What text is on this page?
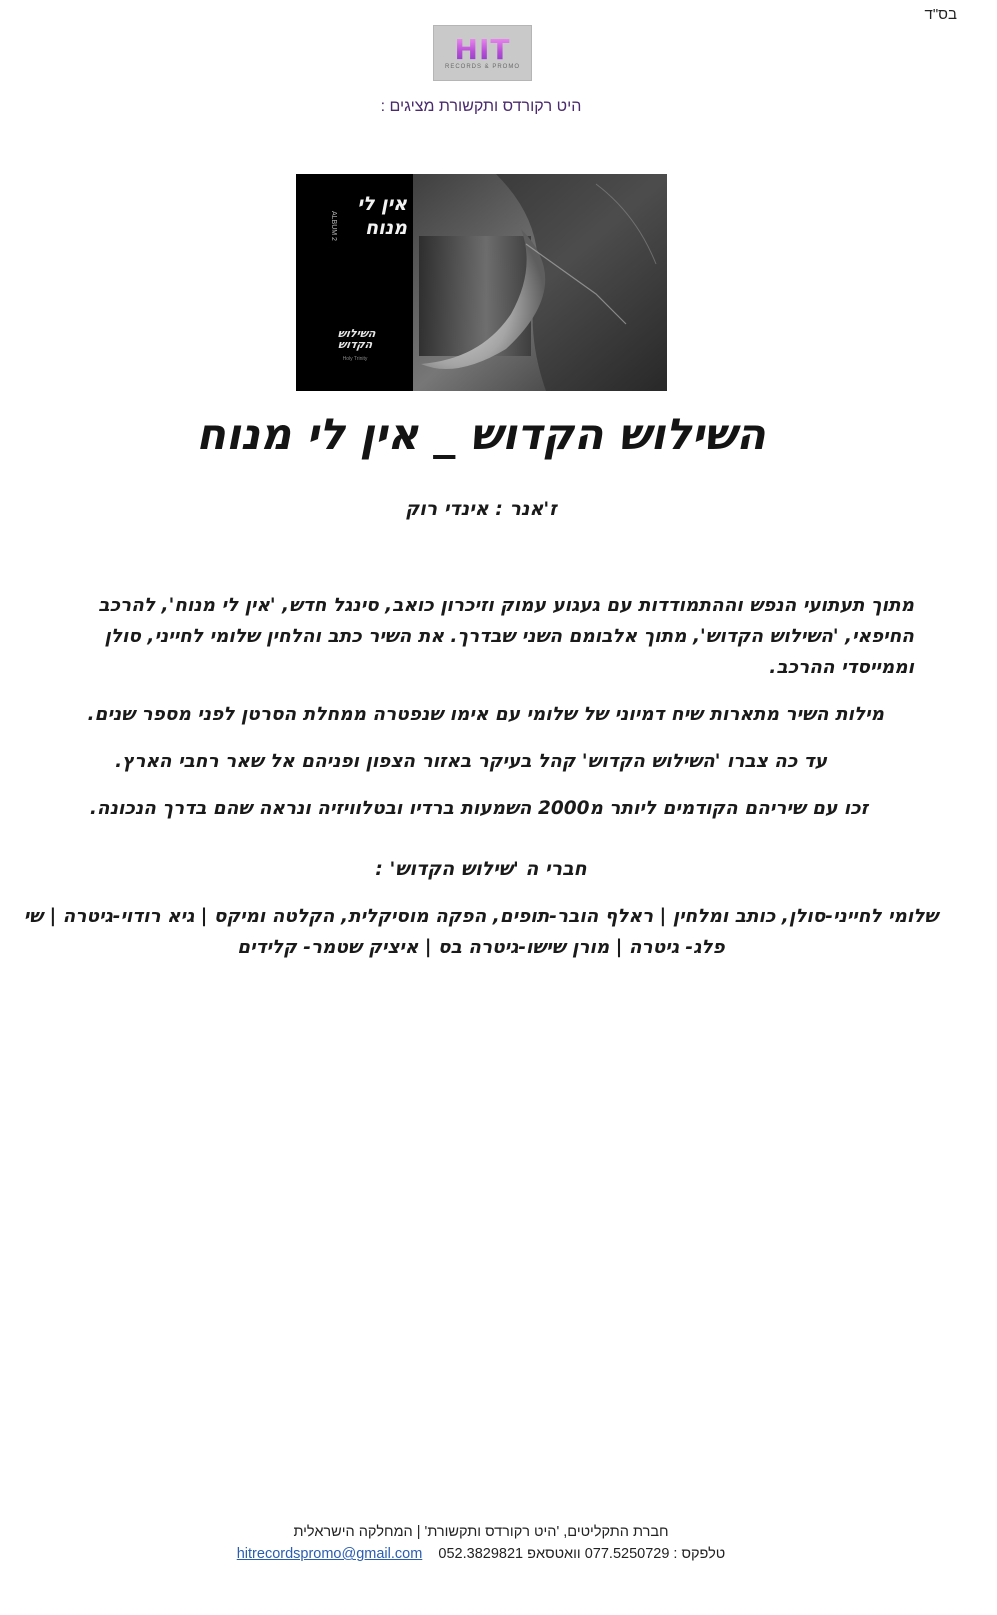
בס"ד
HIT
RECORDS & PROMO
היט רקורדס ותקשורת מציגים :
אין לי
מנוח
ALBUM 2
השילוש
הקדוש
Holy Trinity
השילוש הקדוש _ אין לי מנוח
ז'אנר : אינדי רוק

מתוך תעתועי הנפש וההתמודדות עם געגוע עמוק וזיכרון כואב, סינגל חדש, 'אין לי מנוח', להרכב החיפאי, 'השילוש הקדוש', מתוך אלבומם השני שבדרך. את השיר כתב והלחין שלומי לחייני, סולן וממייסדי ההרכב.

מילות השיר מתארות שיח דמיוני של שלומי עם אימו שנפטרה ממחלת הסרטן לפני מספר שנים.

עד כה צברו 'השילוש הקדוש' קהל בעיקר באזור הצפון ופניהם אל שאר רחבי הארץ.

זכו עם שיריהם הקודמים ליותר מ2000 השמעות ברדיו ובטלוויזיה ונראה שהם בדרך הנכונה.

חברי ה 'שילוש הקדוש' :
שלומי לחייני-סולן, כותב ומלחין | ראלף הובר-תופים, הפקה מוסיקלית, הקלטה ומיקס | גיא רודוי-גיטרה | שי פלג- גיטרה | מורן שישו-גיטרה בס | איציק שטמר- קלידים
חברת התקליטים, 'היט רקורדס ותקשורת' | המחלקה הישראלית
טלפקס : 077.5250729 וואטסאפ 052.3829821    hitrecordspromo@gmail.com
